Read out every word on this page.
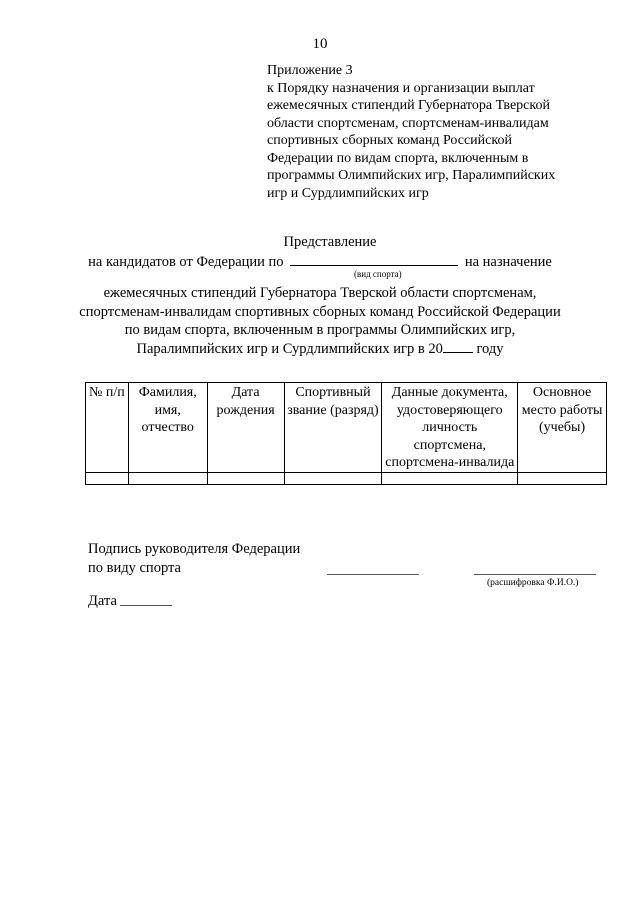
10
Приложение 3
к Порядку назначения и организации выплат
ежемесячных стипендий Губернатора Тверской
области спортсменам, спортсменам-инвалидам
спортивных сборных команд Российской
Федерации по видам спорта, включенным в
программы Олимпийских игр, Паралимпийских
игр и Сурдлимпийских игр
Представление
на кандидатов от Федерации по	на назначение
(вид спорта)
ежемесячных стипендий Губернатора Тверской области спортсменам,
спортсменам-инвалидам спортивных сборных команд Российской Федерации
по видам спорта, включенным в программы Олимпийских игр,
Паралимпийских игр и Сурдлимпийских игр в 20 году
№ п/п	Фамилия, имя, отчество	Дата рождения	Спортивный звание (разряд)	Данные документа, удостоверяющего личность спортсмена, спортсмена-инвалида	Основное место работы (учебы)

Подпись руководителя Федерации
по виду спорта
(расшифровка Ф.И.О.)
Дата
